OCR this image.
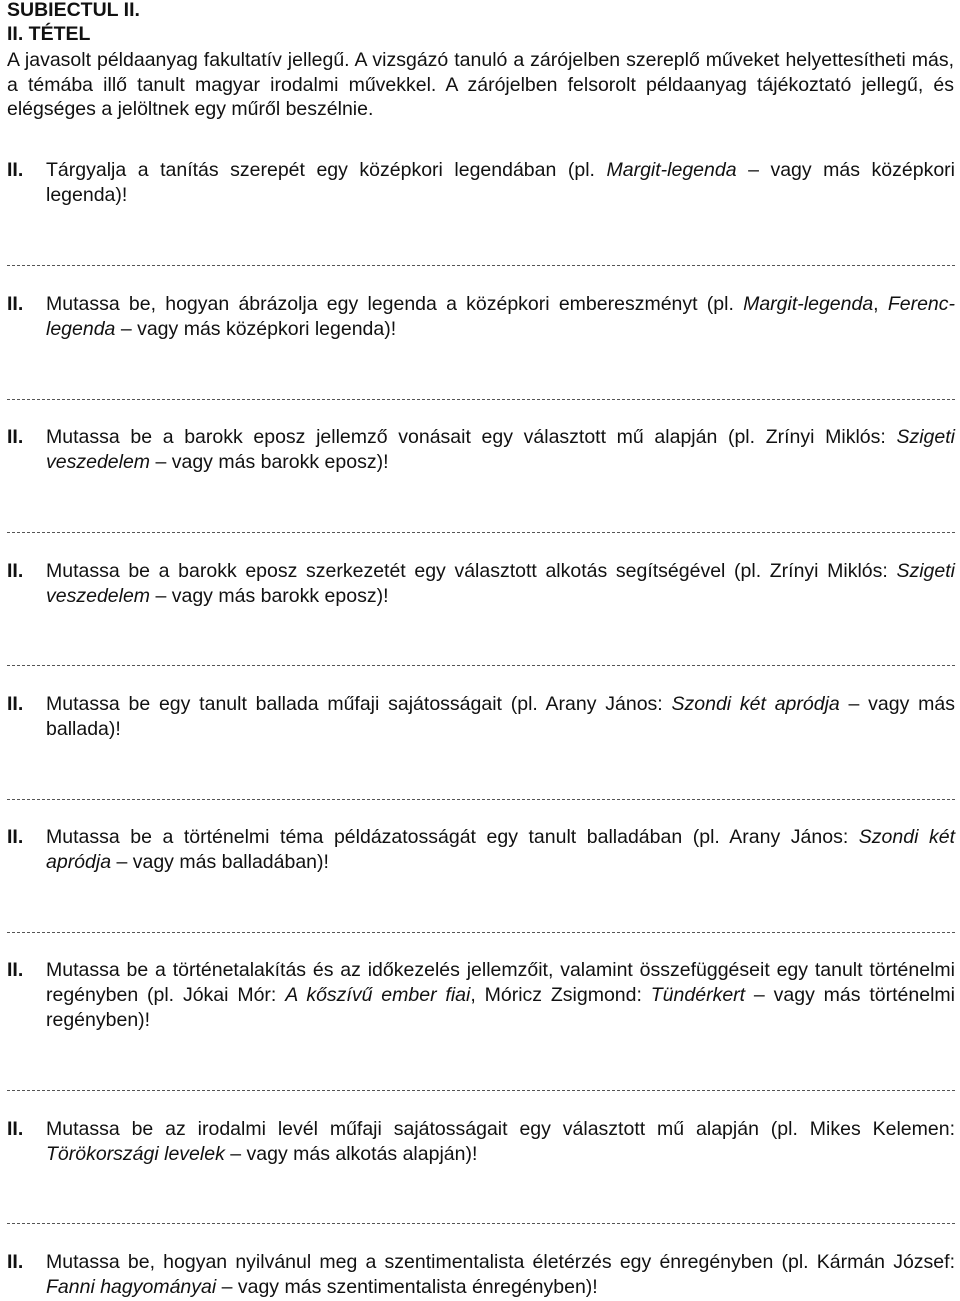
SUBIECTUL II.
II. TÉTEL
A javasolt példaanyag fakultatív jellegű. A vizsgázó tanuló a zárójelben szereplő műveket helyettesítheti más, a témába illő tanult magyar irodalmi művekkel. A zárójelben felsorolt példaanyag tájékoztató jellegű, és elégséges a jelöltnek egy műről beszélnie.
II. Tárgyalja a tanítás szerepét egy középkori legendában (pl. Margit-legenda – vagy más középkori legenda)!
II. Mutassa be, hogyan ábrázolja egy legenda a középkori embereszményt (pl. Margit-legenda, Ferenc-legenda – vagy más középkori legenda)!
II. Mutassa be a barokk eposz jellemző vonásait egy választott mű alapján (pl. Zrínyi Miklós: Szigeti veszedelem – vagy más barokk eposz)!
II. Mutassa be a barokk eposz szerkezetét egy választott alkotás segítségével (pl. Zrínyi Miklós: Szigeti veszedelem – vagy más barokk eposz)!
II. Mutassa be egy tanult ballada műfaji sajátosságait (pl. Arany János: Szondi két apródja – vagy más ballada)!
II. Mutassa be a történelmi téma példázatosságát egy tanult balladában (pl. Arany János: Szondi két apródja – vagy más balladában)!
II. Mutassa be a történetalakítás és az időkezelés jellemzőit, valamint összefüggéseit egy tanult történelmi regényben (pl. Jókai Mór: A kőszívű ember fiai, Móricz Zsigmond: Tündérkert – vagy más történelmi regényben)!
II. Mutassa be az irodalmi levél műfaji sajátosságait egy választott mű alapján (pl. Mikes Kelemen: Törökországi levelek – vagy más alkotás alapján)!
II. Mutassa be, hogyan nyilvánul meg a szentimentalista életérzés egy énregényben (pl. Kármán József: Fanni hagyományai – vagy más szentimentalista énregényben)!
